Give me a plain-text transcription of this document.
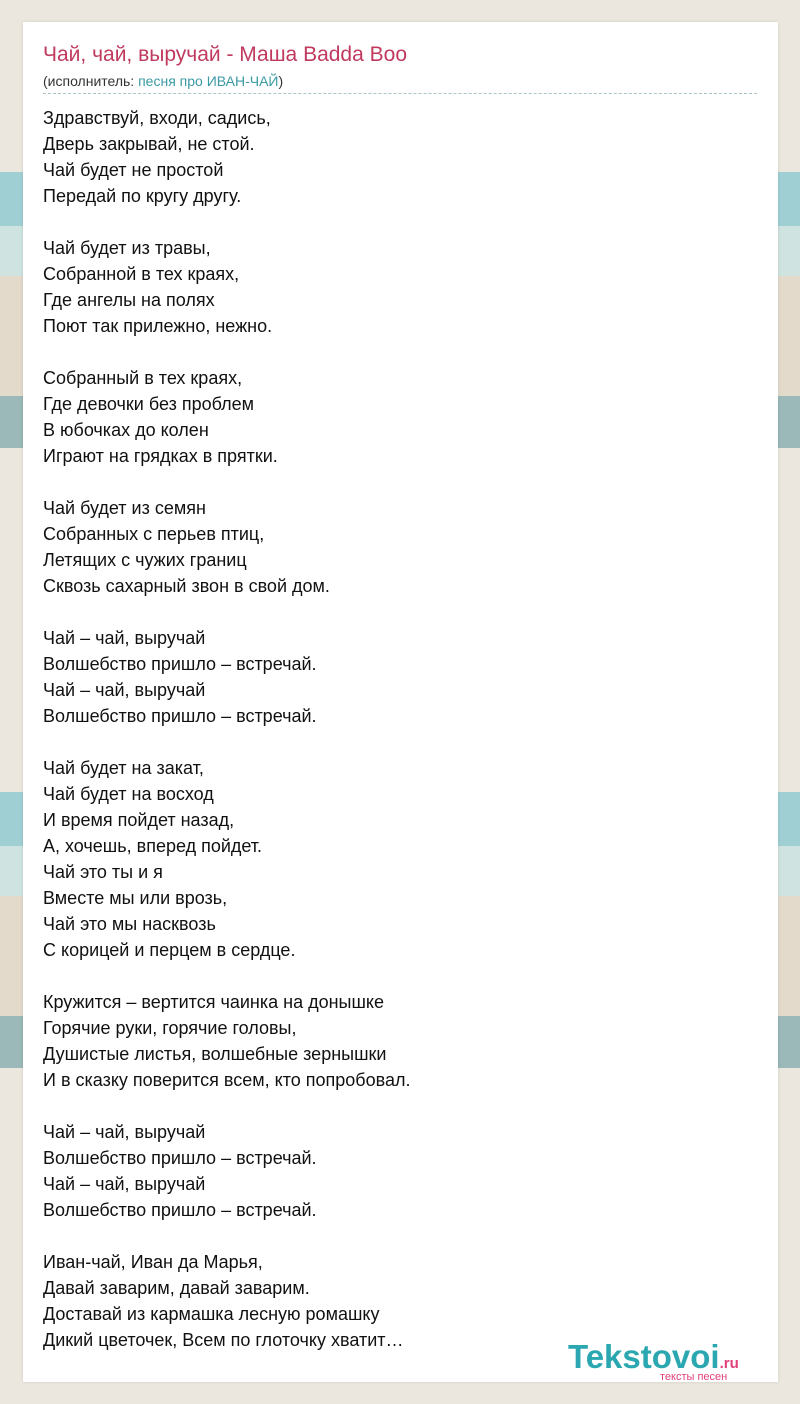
Чай, чай, выручай - Маша Badda Boo
(исполнитель: песня про ИВАН-ЧАЙ)
Здравствуй, входи, садись,
Дверь закрывай, не стой.
Чай будет не простой
Передай по кругу другу.
Чай будет из травы,
Собранной в тех краях,
Где ангелы на полях
Поют так прилежно, нежно.
Собранный в тех краях,
Где девочки без проблем
В юбочках до колен
Играют на грядках в прятки.
Чай будет из семян
Собранных с перьев птиц,
Летящих с чужих границ
Сквозь сахарный звон в свой дом.
Чай – чай, выручай
Волшебство пришло – встречай.
Чай – чай, выручай
Волшебство пришло – встречай.
Чай будет на закат,
Чай будет на восход
И время пойдет назад,
А, хочешь, вперед пойдет.
Чай это ты и я
Вместе мы или врозь,
Чай это мы насквозь
С корицей и перцем в сердце.
Кружится – вертится чаинка на донышке
Горячие руки, горячие головы,
Душистые листья, волшебные зернышки
И в сказку поверится всем, кто попробовал.
Чай – чай, выручай
Волшебство пришло – встречай.
Чай – чай, выручай
Волшебство пришло – встречай.
Иван-чай, Иван да Марья,
Давай заварим, давай заварим.
Доставай из кармашка лесную ромашку
Дикий цветочек, Всем по глоточку хватит…	Tekstovoi.ru
тексты песен
